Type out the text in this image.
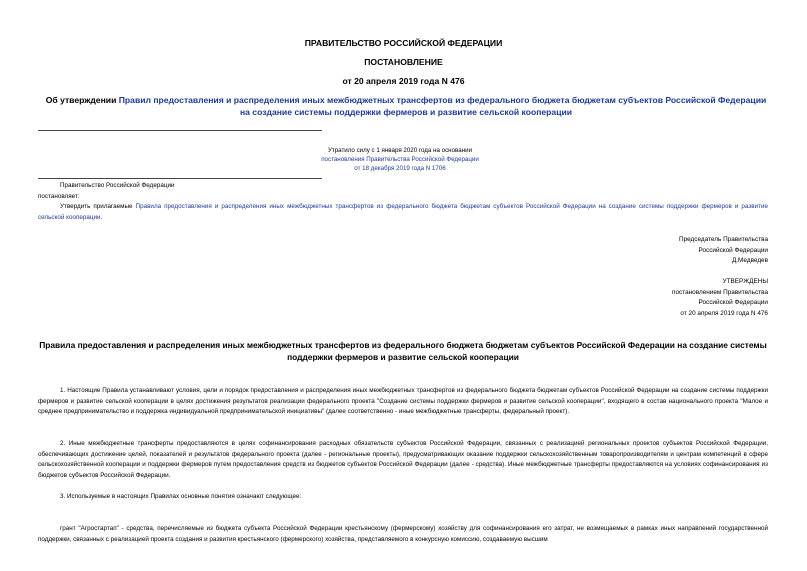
ПРАВИТЕЛЬСТВО РОССИЙСКОЙ ФЕДЕРАЦИИ
ПОСТАНОВЛЕНИЕ
от 20 апреля 2019 года N 476
Об утверждении Правил предоставления и распределения иных межбюджетных трансфертов из федерального бюджета бюджетам субъектов Российской Федерации на создание системы поддержки фермеров и развитие сельской кооперации
Утратило силу с 1 января 2020 года на основании
постановления Правительства Российской Федерации
от 18 декабря 2019 года N 1706
Правительство Российской Федерации
постановляет:
Утвердить прилагаемые Правила предоставления и распределения иных межбюджетных трансфертов из федерального бюджета бюджетам субъектов Российской Федерации на создание системы поддержки фермеров и развитие сельской кооперации.
Председатель Правительства
Российской Федерации
Д.Медведев
УТВЕРЖДЕНЫ
постановлением Правительства
Российской Федерации
от 20 апреля 2019 года N 476
Правила предоставления и распределения иных межбюджетных трансфертов из федерального бюджета бюджетам субъектов Российской Федерации на создание системы поддержки фермеров и развитие сельской кооперации
1. Настоящие Правила устанавливают условия, цели и порядок предоставления и распределения иных межбюджетных трансфертов из федерального бюджета бюджетам субъектов Российской Федерации на создание системы поддержки фермеров и развитие сельской кооперации в целях достижения результатов реализации федерального проекта "Создание системы поддержки фермеров и развитие сельской кооперации", входящего в состав национального проекта "Малое и среднее предпринимательство и поддержка индивидуальной предпринимательской инициативы" (далее соответственно - иные межбюджетные трансферты, федеральный проект).
2. Иные межбюджетные трансферты предоставляются в целях софинансирования расходных обязательств субъектов Российской Федерации, связанных с реализацией региональных проектов субъектов Российской Федерации, обеспечивающих достижение целей, показателей и результатов федерального проекта (далее - региональные проекты), предусматривающих оказание поддержки сельскохозяйственным товаропроизводителям и центрам компетенций в сфере сельскохозяйственной кооперации и поддержки фермеров путем предоставления средств из бюджетов субъектов Российской Федерации (далее - средства). Иные межбюджетные трансферты предоставляются на условиях софинансирования из бюджетов субъектов Российской Федерации.
3. Используемые в настоящих Правилах основные понятия означают следующее:
грант "Агростартап" - средства, перечисляемые из бюджета субъекта Российской Федерации крестьянскому (фермерскому) хозяйству для софинансирования его затрат, не возмещаемых в рамках иных направлений государственной поддержки, связанных с реализацией проекта создания и развития крестьянского (фермерского) хозяйства, представляемого в конкурсную комиссию, создаваемую высшим
